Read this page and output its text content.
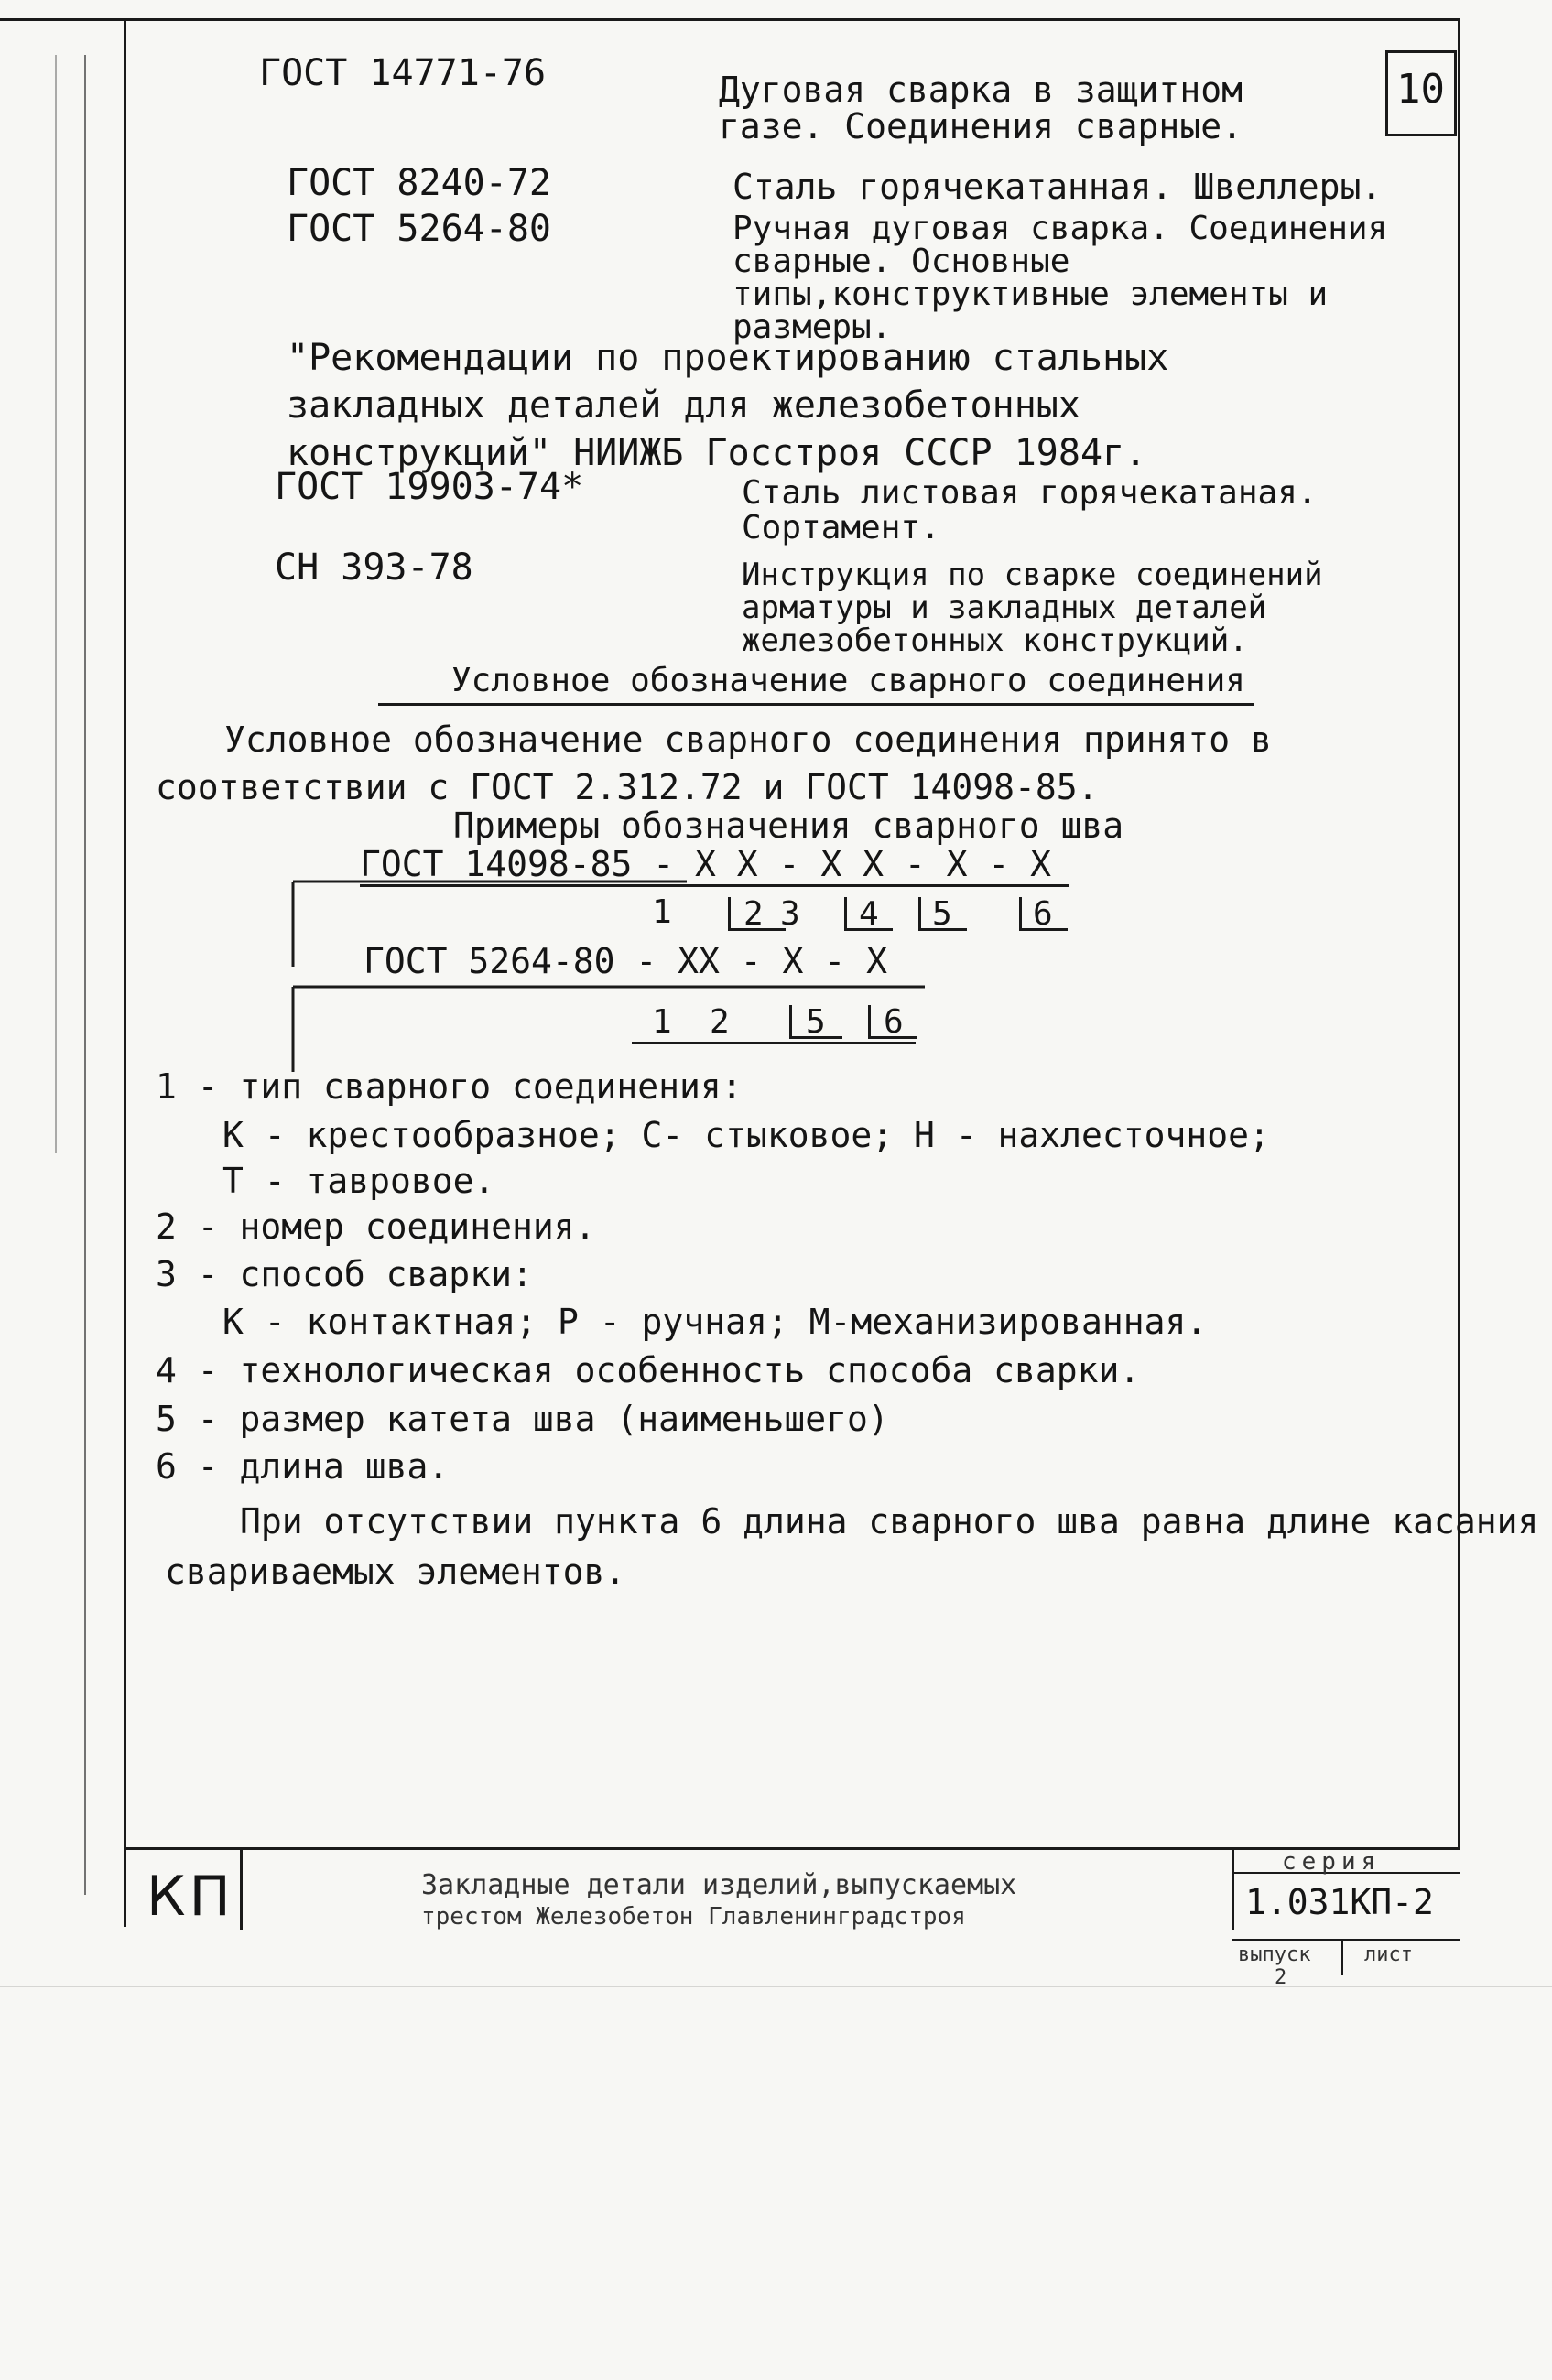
10
ГОСТ 14771-76	Дуговая сварка в защитном газе. Соединения сварные.
ГОСТ 8240-72	Сталь горячекатанная. Швеллеры.
ГОСТ 5264-80	Ручная дуговая сварка. Соединения сварные. Основные типы,конструктивные элементы и размеры.
"Рекомендации по проектированию стальных закладных деталей для железобетонных конструкций" НИИЖБ Госстроя СССР 1984г.
ГОСТ 19903-74*	Сталь листовая горячекатаная. Сортамент.
СН 393-78	Инструкция по сварке соединений арматуры и закладных деталей железобетонных конструкций.
Условное обозначение сварного соединения
Условное обозначение сварного соединения принято в соответствии с ГОСТ 2.312.72 и ГОСТ 14098-85.
Примеры обозначения сварного шва
ГОСТ 14098-85 - X X - X X - X - X
1 2 3 4 5 6
ГОСТ 5264-80 - XX - X - X
1 2 5 6
1 - тип сварного соединения:
К - крестообразное; С- стыковое; Н - нахлесточное;
Т - тавровое.
2 - номер соединения.
3 - способ сварки:
К - контактная; Р - ручная; М-механизированная.
4 - технологическая особенность способа сварки.
5 - размер катета шва (наименьшего)
6 - длина шва.
При отсутствии пункта 6 длина сварного шва равна длине касания
свариваемых элементов.
КП	Закладные детали изделий,выпускаемых
трестом Железобетон Главленинградстроя
серия
1.031КП-2
выпуск	лист
2
